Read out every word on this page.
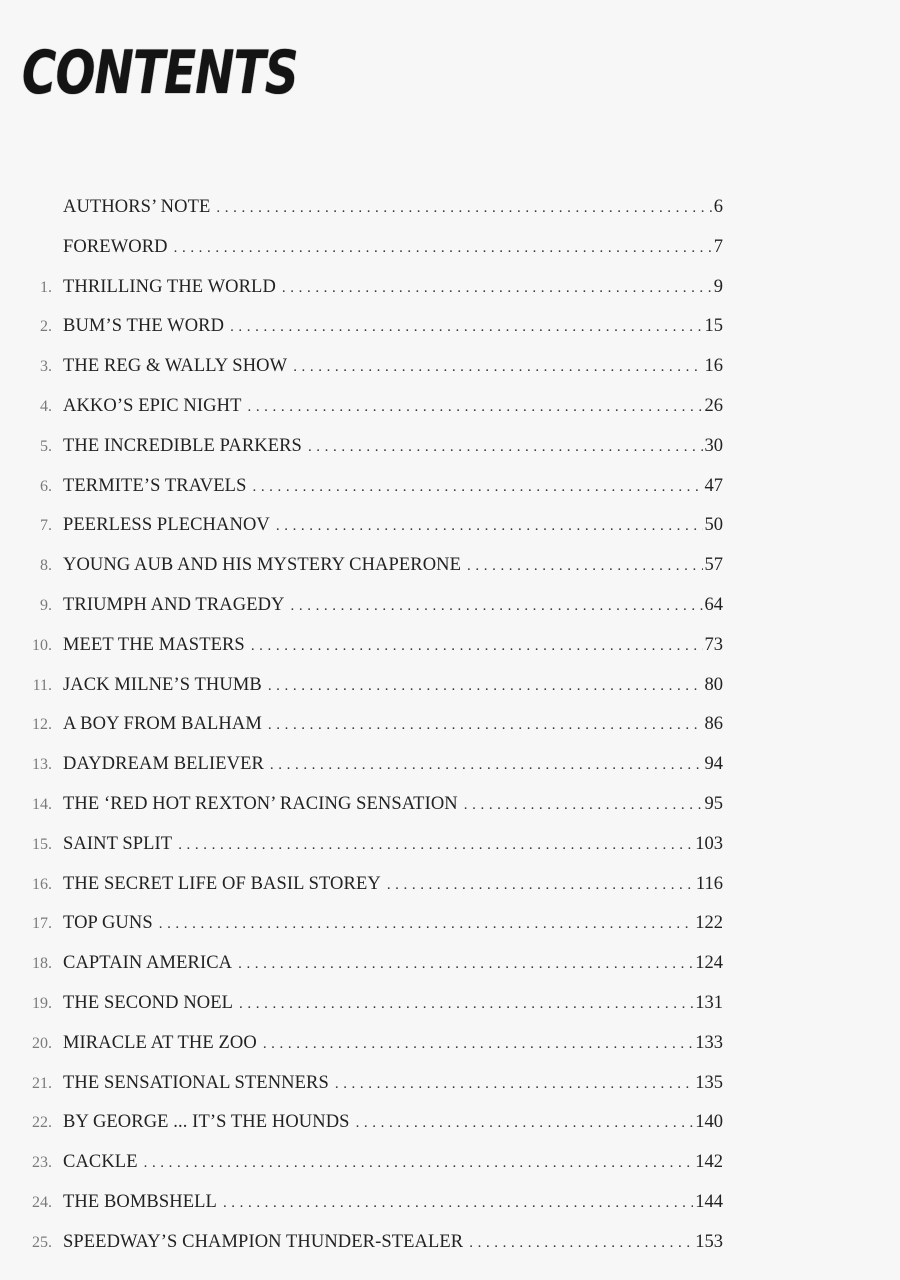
CONTENTS
AUTHORS’ NOTE .....	6
FOREWORD .....	7
1. THRILLING THE WORLD .....	9
2. BUM’S THE WORD .....	15
3. THE REG & WALLY SHOW .....	16
4. AKKO’S EPIC NIGHT .....	26
5. THE INCREDIBLE PARKERS .....	30
6. TERMITE’S TRAVELS .....	47
7. PEERLESS PLECHANOV .....	50
8. YOUNG AUB AND HIS MYSTERY CHAPERONE .....	57
9. TRIUMPH AND TRAGEDY .....	64
10. MEET THE MASTERS .....	73
11. JACK MILNE’S THUMB .....	80
12. A BOY FROM BALHAM .....	86
13. DAYDREAM BELIEVER .....	94
14. THE ‘RED HOT REXTON’ RACING SENSATION .....	95
15. SAINT SPLIT .....	103
16. THE SECRET LIFE OF BASIL STOREY .....	116
17. TOP GUNS .....	122
18. CAPTAIN AMERICA .....	124
19. THE SECOND NOEL .....	131
20. MIRACLE AT THE ZOO .....	133
21. THE SENSATIONAL STENNERS .....	135
22. BY GEORGE ... IT’S THE HOUNDS .....	140
23. CACKLE .....	142
24. THE BOMBSHELL .....	144
25. SPEEDWAY’S CHAMPION THUNDER-STEALER .....	153
